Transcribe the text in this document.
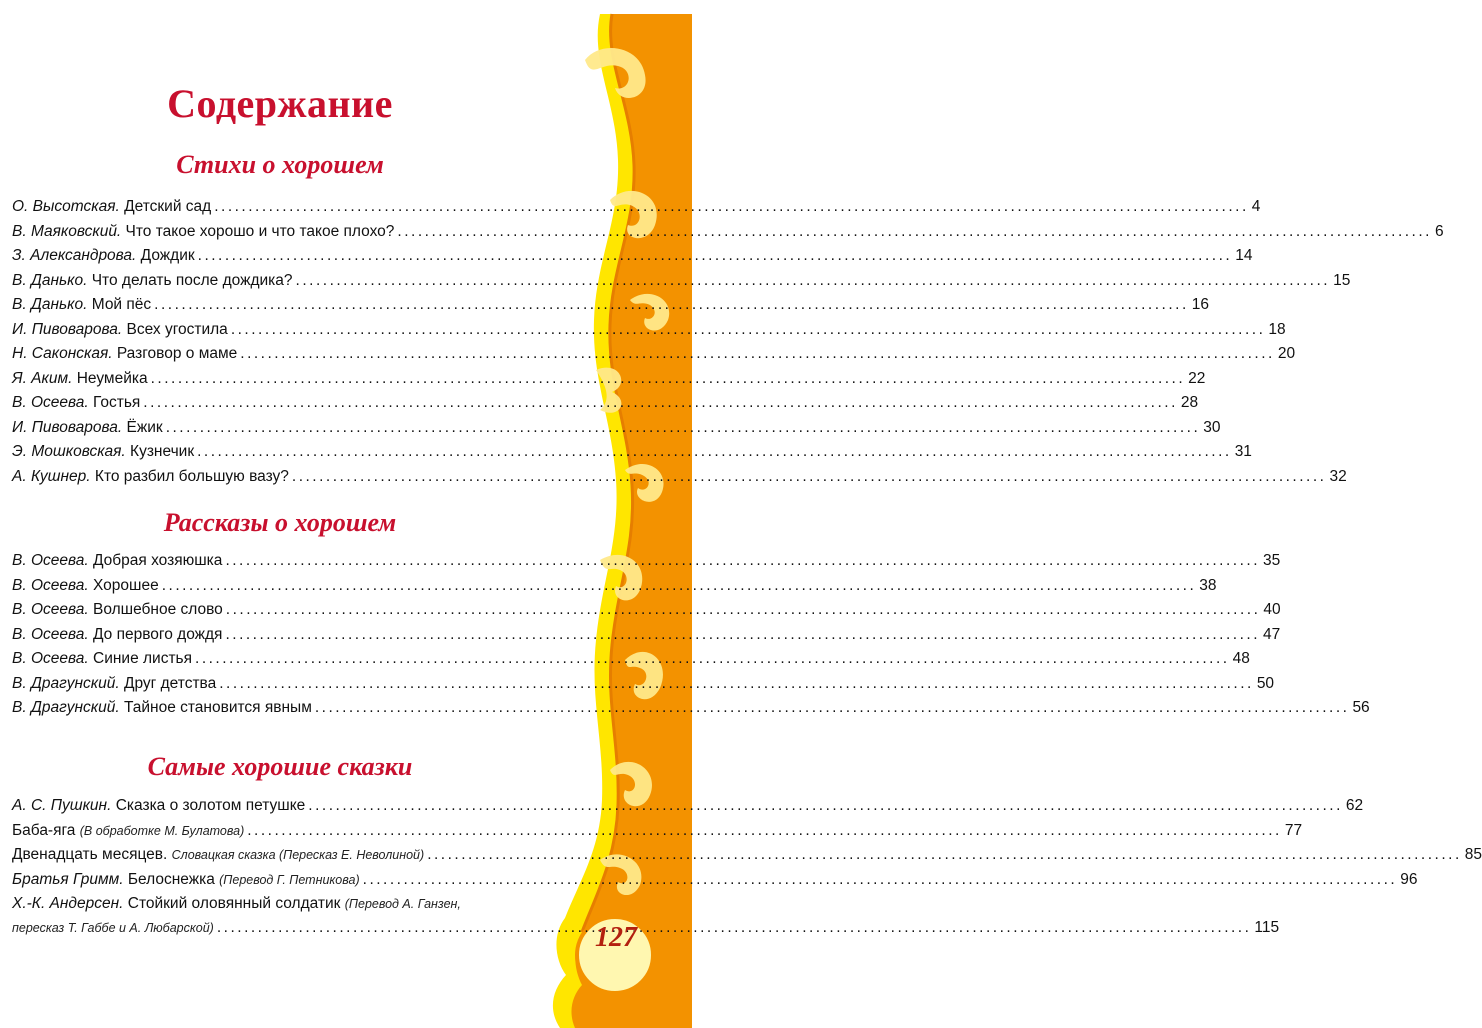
Содержание
Стихи о хорошем
О. Высотская. Детский сад .....	4
В. Маяковский. Что такое хорошо и что такое плохо? .....	6
З. Александрова. Дождик .....	14
В. Данько. Что делать после дождика? .....	15
В. Данько. Мой пёс .....	16
И. Пивоварова. Всех угостила .....	18
Н. Саконская. Разговор о маме .....	20
Я. Аким. Неумейка .....	22
В. Осеева. Гостья .....	28
И. Пивоварова. Ёжик .....	30
Э. Мошковская. Кузнечик .....	31
А. Кушнер. Кто разбил большую вазу? .....	32
Рассказы о хорошем
В. Осеева. Добрая хозяюшка .....	35
В. Осеева. Хорошее .....	38
В. Осеева. Волшебное слово .....	40
В. Осеева. До первого дождя .....	47
В. Осеева. Синие листья .....	48
В. Драгунский. Друг детства .....	50
В. Драгунский. Тайное становится явным .....	56
Самые хорошие сказки
А. С. Пушкин. Сказка о золотом петушке .....	62
Баба-яга (В обработке М. Булатова) .....	77
Двенадцать месяцев. Словацкая сказка (Пересказ Е. Неволиной) .....	85
Братья Гримм. Белоснежка (Перевод Г. Петникова) .....	96
Х.-К. Андерсен. Стойкий оловянный солдатик (Перевод А. Ганзен,
пересказ Т. Габбе и А. Любарской) .....	115
127
